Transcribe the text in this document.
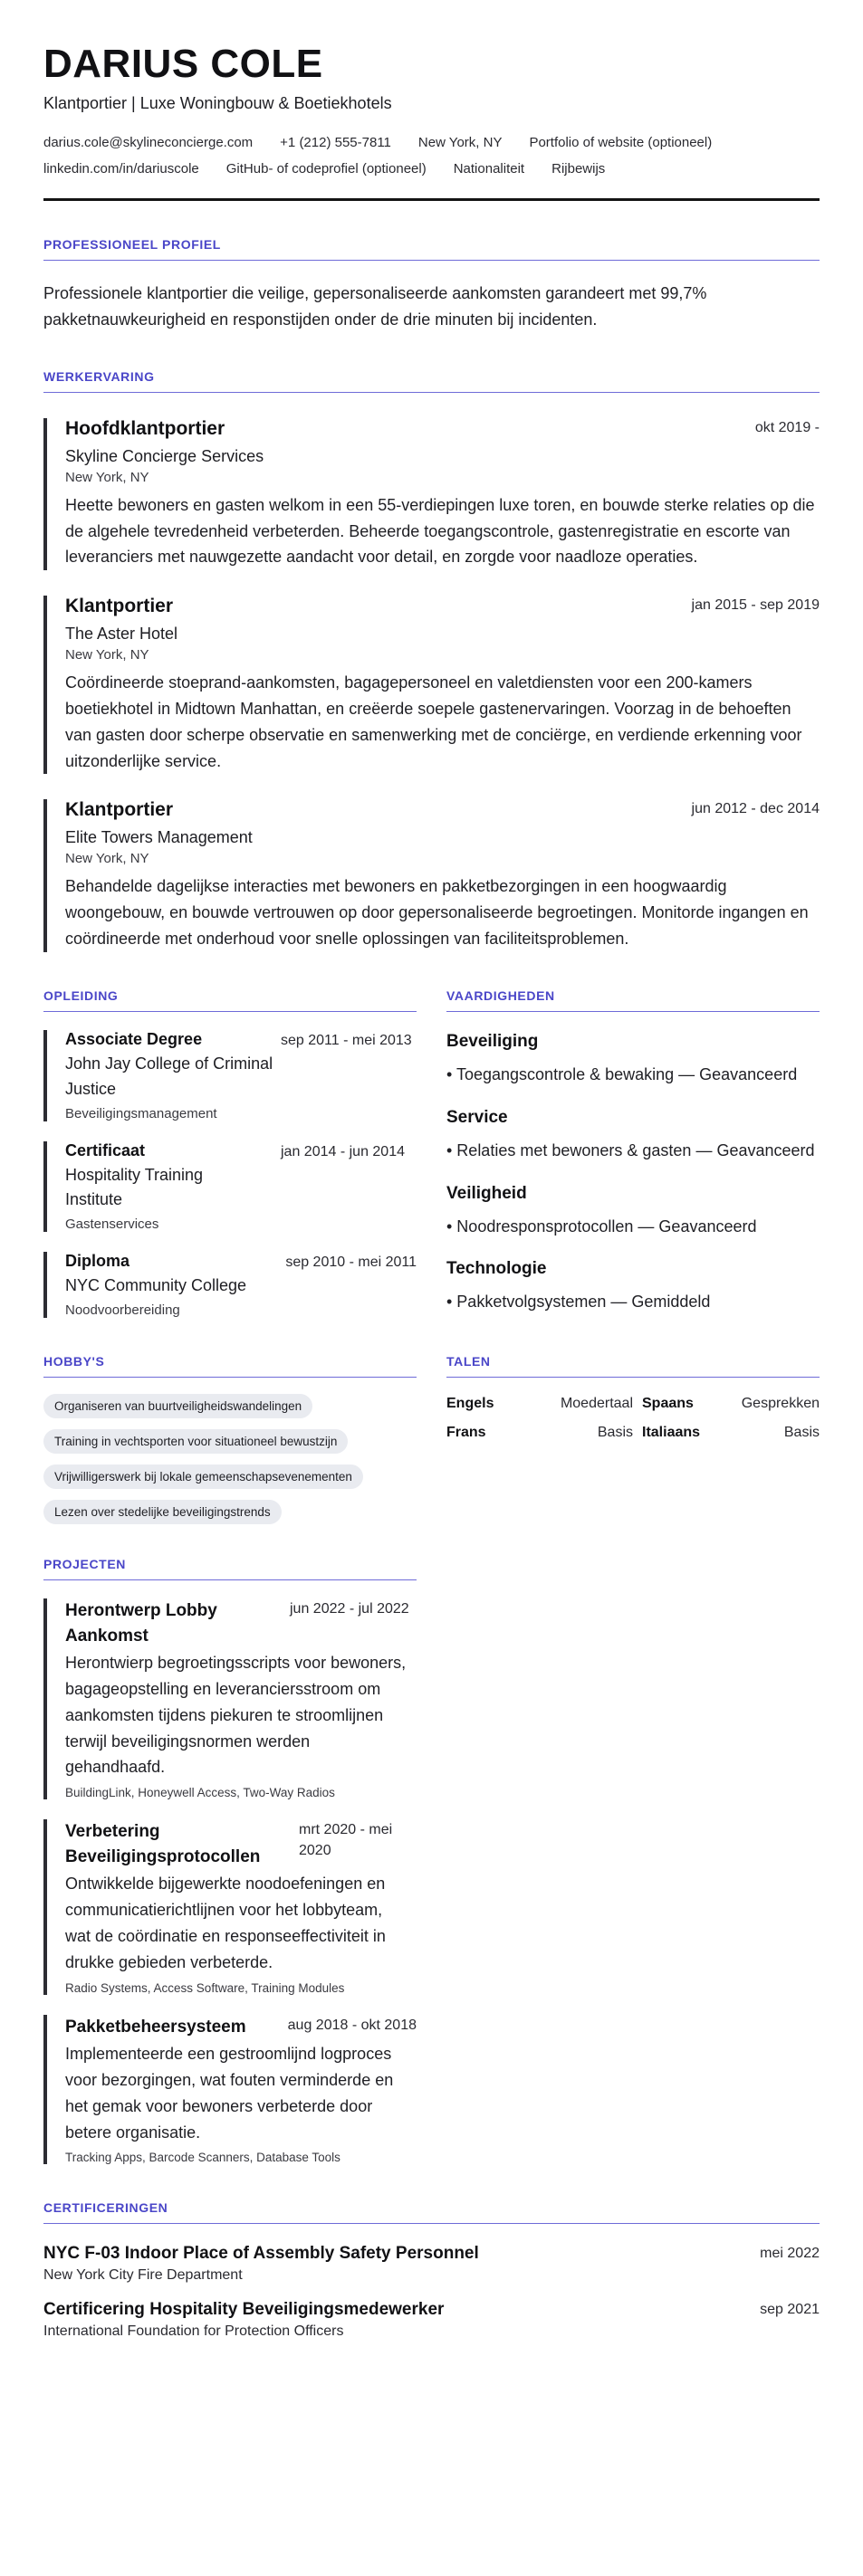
DARIUS COLE
Klantportier | Luxe Woningbouw & Boetiekhotels
darius.cole@skylineconcierge.com +1 (212) 555-7811 New York, NY Portfolio of website (optioneel)
linkedin.com/in/dariuscole GitHub- of codeprofiel (optioneel) Nationaliteit Rijbewijs
PROFESSIONEEL PROFIEL
Professionele klantportier die veilige, gepersonaliseerde aankomsten garandeert met 99,7% pakketnauwkeurigheid en responstijden onder de drie minuten bij incidenten.
WERKERVARING
Hoofdklantportier	okt 2019 -
Skyline Concierge Services
New York, NY
Heette bewoners en gasten welkom in een 55-verdiepingen luxe toren, en bouwde sterke relaties op die de algehele tevredenheid verbeterden. Beheerde toegangscontrole, gastenregistratie en escorte van leveranciers met nauwgezette aandacht voor detail, en zorgde voor naadloze operaties.
Klantportier	jan 2015 - sep 2019
The Aster Hotel
New York, NY
Coördineerde stoeprand-aankomsten, bagagepersoneel en valetdiensten voor een 200-kamers boetiekhotel in Midtown Manhattan, en creëerde soepele gastenervaringen. Voorzag in de behoeften van gasten door scherpe observatie en samenwerking met de conciërge, en verdiende erkenning voor uitzonderlijke service.
Klantportier	jun 2012 - dec 2014
Elite Towers Management
New York, NY
Behandelde dagelijkse interacties met bewoners en pakketbezorgingen in een hoogwaardig woongebouw, en bouwde vertrouwen op door gepersonaliseerde begroetingen. Monitorde ingangen en coördineerde met onderhoud voor snelle oplossingen van faciliteitsproblemen.
OPLEIDING
Associate Degree	sep 2011 - mei 2013
John Jay College of Criminal Justice
Beveiligingsmanagement
Certificaat	jan 2014 - jun 2014
Hospitality Training Institute
Gastenservices
Diploma	sep 2010 - mei 2011
NYC Community College
Noodvoorbereiding
VAARDIGHEDEN
Beveiliging
• Toegangscontrole & bewaking — Geavanceerd
Service
• Relaties met bewoners & gasten — Geavanceerd
Veiligheid
• Noodresponsprotocollen — Geavanceerd
Technologie
• Pakketvolgsystemen — Gemiddeld
HOBBY'S
Organiseren van buurtveiligheidswandelingen
Training in vechtsporten voor situationeel bewustzijn
Vrijwilligerswerk bij lokale gemeenschapsevenementen
Lezen over stedelijke beveiligingstrends
TALEN
Engels	Moedertaal Spaans	Gesprekken
Frans	Basis Italiaans	Basis
PROJECTEN
Herontwerp Lobby Aankomst
jun 2022 - jul 2022
Herontwierp begroetingsscripts voor bewoners, bagageopstelling en leveranciersstroom om aankomsten tijdens piekuren te stroomlijnen terwijl beveiligingsnormen werden gehandhaafd.
BuildingLink, Honeywell Access, Two-Way Radios
Verbetering Beveiligingsprotocollen
mrt 2020 - mei 2020
Ontwikkelde bijgewerkte noodoefeningen en communicatierichtlijnen voor het lobbyteam, wat de coördinatie en responseeffectiviteit in drukke gebieden verbeterde.
Radio Systems, Access Software, Training Modules
Pakketbeheersysteem	aug 2018 - okt 2018
Implementeerde een gestroomlijnd logproces voor bezorgingen, wat fouten verminderde en het gemak voor bewoners verbeterde door betere organisatie.
Tracking Apps, Barcode Scanners, Database Tools
CERTIFICERINGEN
NYC F-03 Indoor Place of Assembly Safety Personnel	mei 2022
New York City Fire Department
Certificering Hospitality Beveiligingsmedewerker	sep 2021
International Foundation for Protection Officers
